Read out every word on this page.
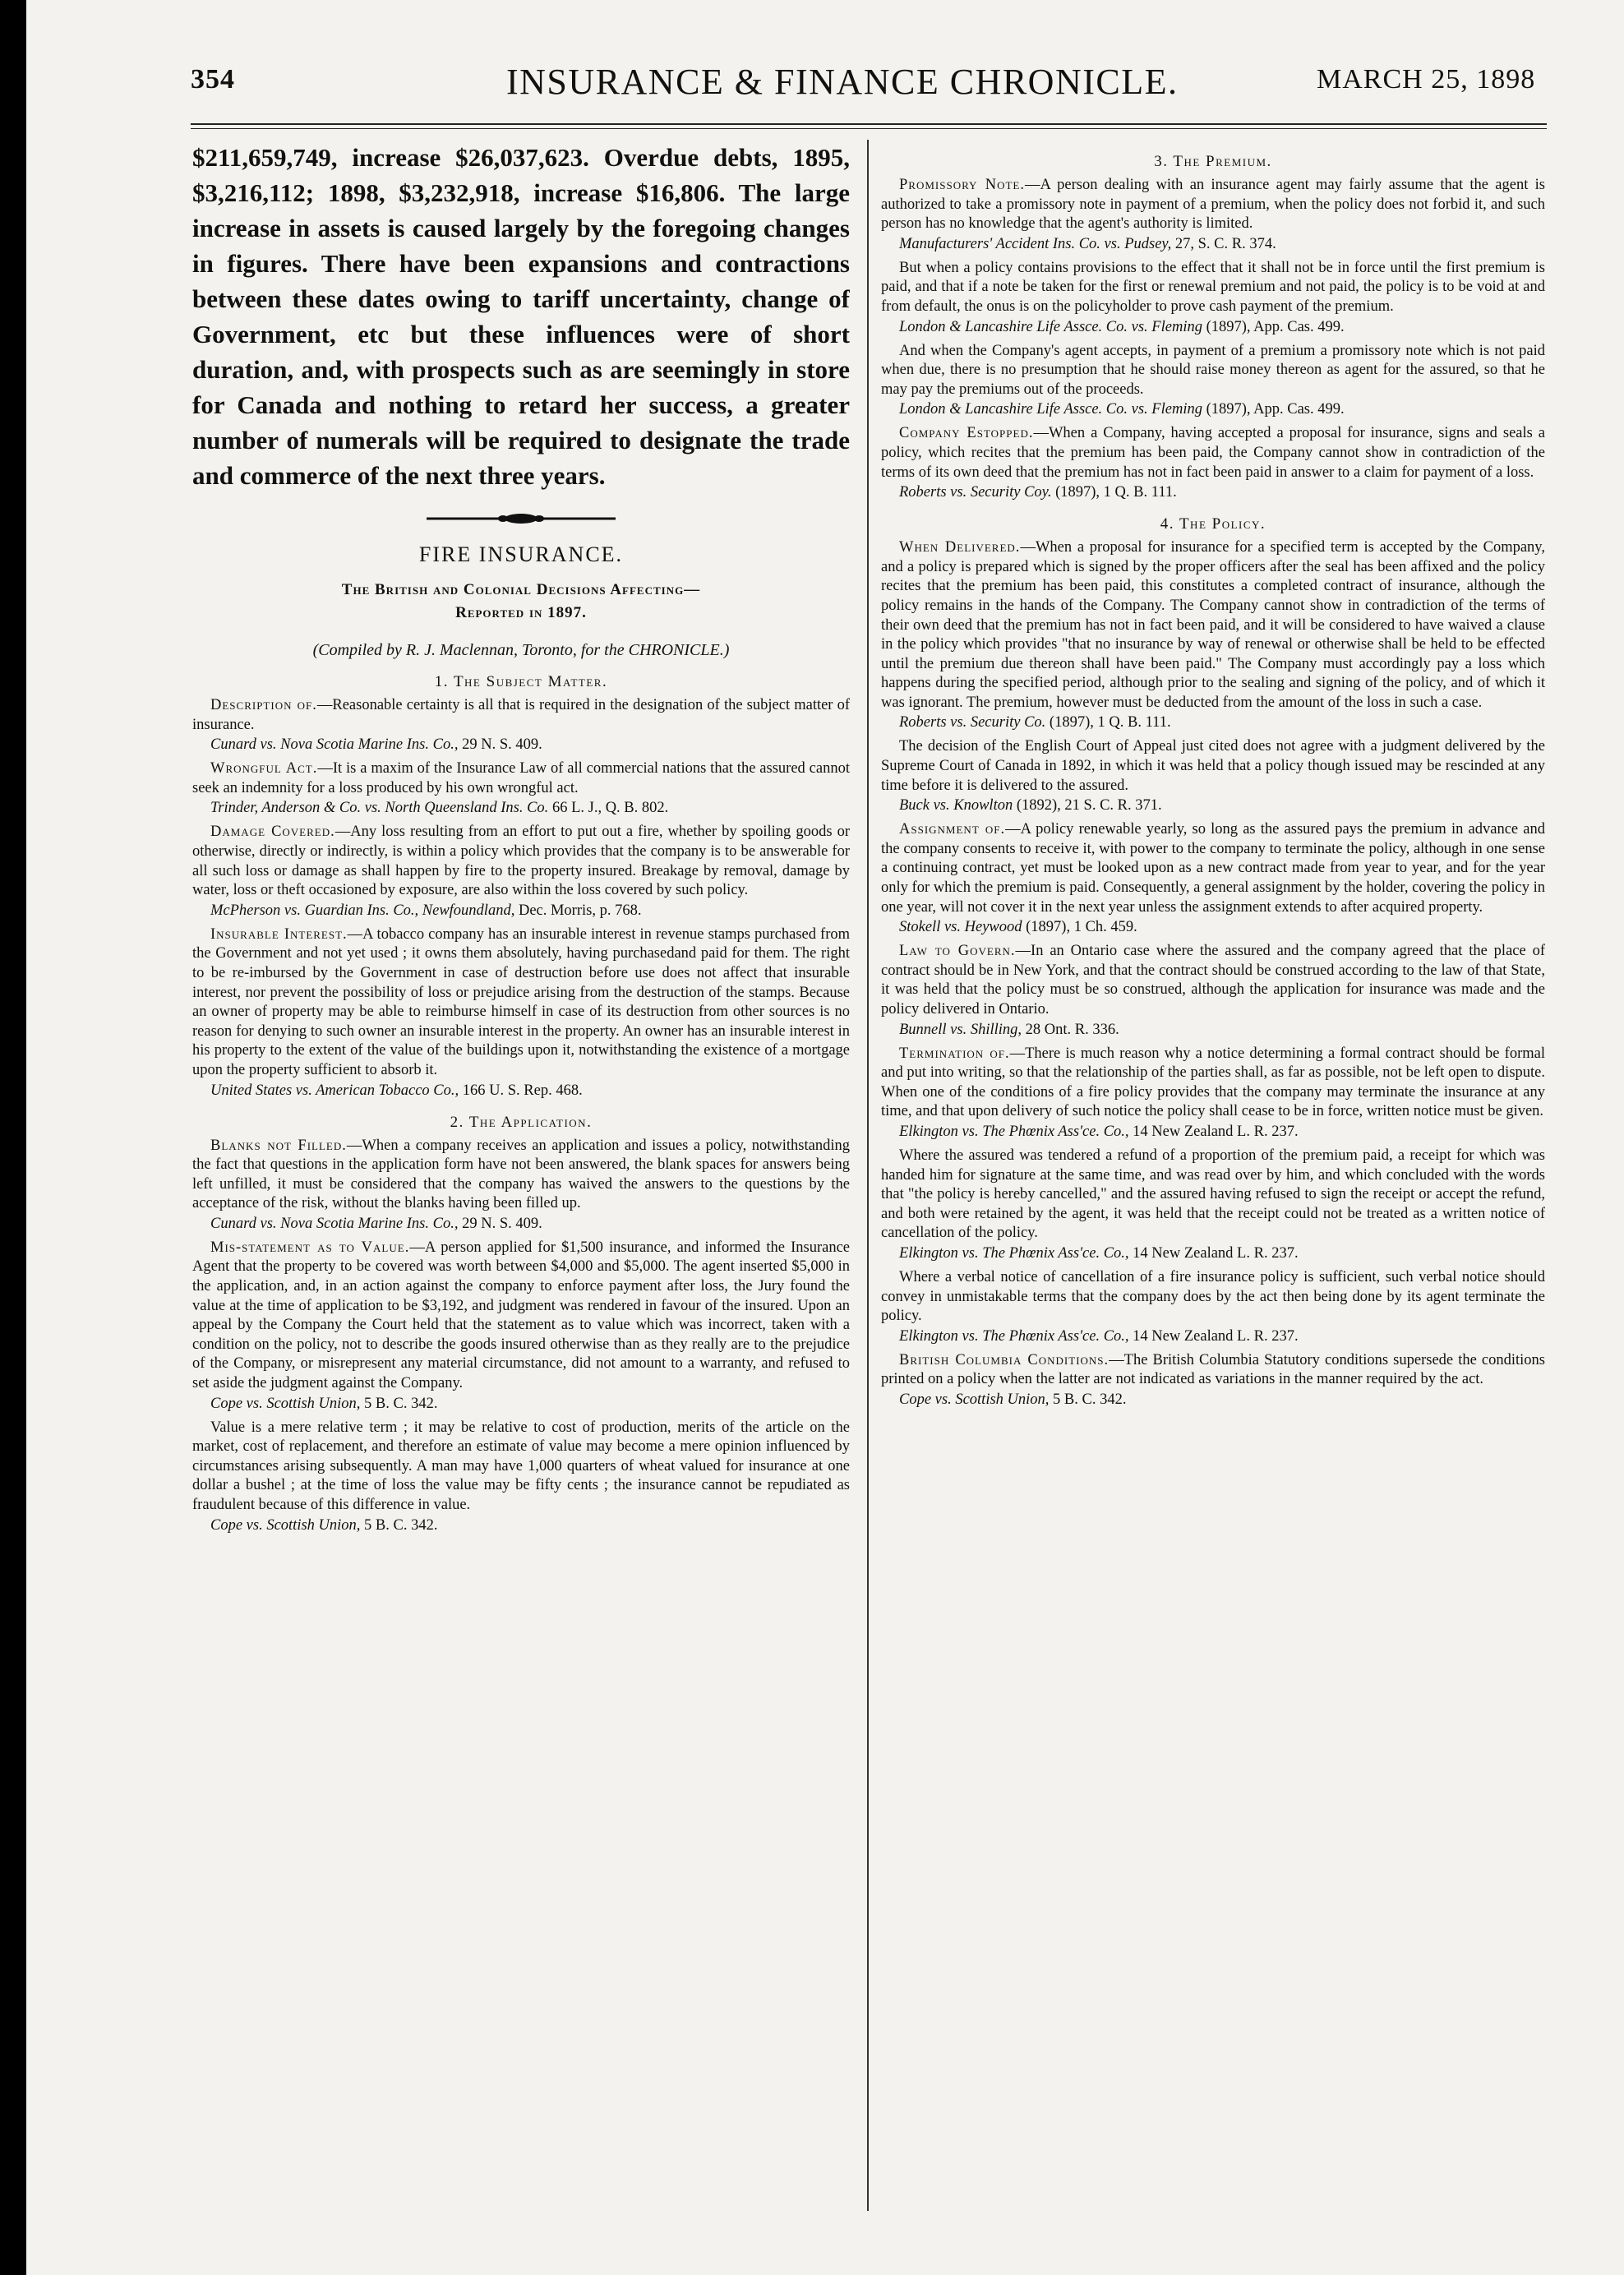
354	INSURANCE & FINANCE CHRONICLE.	MARCH 25, 1898

$211,659,749, increase $26,037,623. Overdue debts, 1895, $3,216,112; 1898, $3,232,918, increase $16,806. The large increase in assets is caused largely by the foregoing changes in figures. There have been expansions and contractions between these dates owing to tariff uncertainty, change of Government, etc but these influences were of short duration, and, with prospects such as are seemingly in store for Canada and nothing to retard her success, a greater number of numerals will be required to designate the trade and commerce of the next three years.

FIRE INSURANCE.
The British and Colonial Decisions Affecting—
Reported in 1897.
(Compiled by R. J. Maclennan, Toronto, for the CHRONICLE.)
1. The Subject Matter.

Description of.—Reasonable certainty is all that is required in the designation of the subject matter of insurance.

Cunard vs. Nova Scotia Marine Ins. Co., 29 N. S. 409.

Wrongful Act.—It is a maxim of the Insurance Law of all commercial nations that the assured cannot seek an indemnity for a loss produced by his own wrongful act.

Trinder, Anderson & Co. vs. North Queensland Ins. Co. 66 L. J., Q. B. 802.

Damage Covered.—Any loss resulting from an effort to put out a fire, whether by spoiling goods or otherwise, directly or indirectly, is within a policy which provides that the company is to be answerable for all such loss or damage as shall happen by fire to the property insured. Breakage by removal, damage by water, loss or theft occasioned by exposure, are also within the loss covered by such policy.

McPherson vs. Guardian Ins. Co., Newfoundland, Dec. Morris, p. 768.

Insurable Interest.—A tobacco company has an insurable interest in revenue stamps purchased from the Government and not yet used ; it owns them absolutely, having purchasedand paid for them. The right to be re-imbursed by the Government in case of destruction before use does not affect that insurable interest, nor prevent the possibility of loss or prejudice arising from the destruction of the stamps. Because an owner of property may be able to reimburse himself in case of its destruction from other sources is no reason for denying to such owner an insurable interest in the property. An owner has an insurable interest in his property to the extent of the value of the buildings upon it, notwithstanding the existence of a mortgage upon the property sufficient to absorb it.

United States vs. American Tobacco Co., 166 U. S. Rep. 468.

2. The Application.

Blanks not Filled.—When a company receives an application and issues a policy, notwithstanding the fact that questions in the application form have not been answered, the blank spaces for answers being left unfilled, it must be considered that the company has waived the answers to the questions by the acceptance of the risk, without the blanks having been filled up.

Cunard vs. Nova Scotia Marine Ins. Co., 29 N. S. 409.

Mis-statement as to Value.—A person applied for $1,500 insurance, and informed the Insurance Agent that the property to be covered was worth between $4,000 and $5,000. The agent inserted $5,000 in the application, and, in an action against the company to enforce payment after loss, the Jury found the value at the time of application to be $3,192, and judgment was rendered in favour of the insured. Upon an appeal by the Company the Court held that the statement as to value which was incorrect, taken with a condition on the policy, not to describe the goods insured otherwise than as they really are to the prejudice of the Company, or misrepresent any material circumstance, did not amount to a warranty, and refused to set aside the judgment against the Company.

Cope vs. Scottish Union, 5 B. C. 342.

Value is a mere relative term ; it may be relative to cost of production, merits of the article on the market, cost of replacement, and therefore an estimate of value may become a mere opinion influenced by circumstances arising subsequently. A man may have 1,000 quarters of wheat valued for insurance at one dollar a bushel ; at the time of loss the value may be fifty cents ; the insurance cannot be repudiated as fraudulent because of this difference in value.

Cope vs. Scottish Union, 5 B. C. 342.

3. The Premium.

Promissory Note.—A person dealing with an insurance agent may fairly assume that the agent is authorized to take a promissory note in payment of a premium, when the policy does not forbid it, and such person has no knowledge that the agent's authority is limited.

Manufacturers' Accident Ins. Co. vs. Pudsey, 27, S. C. R. 374.

But when a policy contains provisions to the effect that it shall not be in force until the first premium is paid, and that if a note be taken for the first or renewal premium and not paid, the policy is to be void at and from default, the onus is on the policyholder to prove cash payment of the premium.

London & Lancashire Life Assce. Co. vs. Fleming (1897), App. Cas. 499.

And when the Company's agent accepts, in payment of a premium a promissory note which is not paid when due, there is no presumption that he should raise money thereon as agent for the assured, so that he may pay the premiums out of the proceeds.

London & Lancashire Life Assce. Co. vs. Fleming (1897), App. Cas. 499.

Company Estopped.—When a Company, having accepted a proposal for insurance, signs and seals a policy, which recites that the premium has been paid, the Company cannot show in contradiction of the terms of its own deed that the premium has not in fact been paid in answer to a claim for payment of a loss.

Roberts vs. Security Coy. (1897), 1 Q. B. 111.

4. The Policy.

When Delivered.—When a proposal for insurance for a specified term is accepted by the Company, and a policy is prepared which is signed by the proper officers after the seal has been affixed and the policy recites that the premium has been paid, this constitutes a completed contract of insurance, although the policy remains in the hands of the Company. The Company cannot show in contradiction of the terms of their own deed that the premium has not in fact been paid, and it will be considered to have waived a clause in the policy which provides "that no insurance by way of renewal or otherwise shall be held to be effected until the premium due thereon shall have been paid." The Company must accordingly pay a loss which happens during the specified period, although prior to the sealing and signing of the policy, and of which it was ignorant. The premium, however must be deducted from the amount of the loss in such a case.

Roberts vs. Security Co. (1897), 1 Q. B. 111.

The decision of the English Court of Appeal just cited does not agree with a judgment delivered by the Supreme Court of Canada in 1892, in which it was held that a policy though issued may be rescinded at any time before it is delivered to the assured.

Buck vs. Knowlton (1892), 21 S. C. R. 371.

Assignment of.—A policy renewable yearly, so long as the assured pays the premium in advance and the company consents to receive it, with power to the company to terminate the policy, although in one sense a continuing contract, yet must be looked upon as a new contract made from year to year, and for the year only for which the premium is paid. Consequently, a general assignment by the holder, covering the policy in one year, will not cover it in the next year unless the assignment extends to after acquired property.

Stokell vs. Heywood (1897), 1 Ch. 459.

Law to Govern.—In an Ontario case where the assured and the company agreed that the place of contract should be in New York, and that the contract should be construed according to the law of that State, it was held that the policy must be so construed, although the application for insurance was made and the policy delivered in Ontario.

Bunnell vs. Shilling, 28 Ont. R. 336.

Termination of.—There is much reason why a notice determining a formal contract should be formal and put into writing, so that the relationship of the parties shall, as far as possible, not be left open to dispute. When one of the conditions of a fire policy provides that the company may terminate the insurance at any time, and that upon delivery of such notice the policy shall cease to be in force, written notice must be given.

Elkington vs. The Phœnix Ass'ce. Co., 14 New Zealand L. R. 237.

Where the assured was tendered a refund of a proportion of the premium paid, a receipt for which was handed him for signature at the same time, and was read over by him, and which concluded with the words that "the policy is hereby cancelled," and the assured having refused to sign the receipt or accept the refund, and both were retained by the agent, it was held that the receipt could not be treated as a written notice of cancellation of the policy.

Elkington vs. The Phœnix Ass'ce. Co., 14 New Zealand L. R. 237.

Where a verbal notice of cancellation of a fire insurance policy is sufficient, such verbal notice should convey in unmistakable terms that the company does by the act then being done by its agent terminate the policy.

Elkington vs. The Phœnix Ass'ce. Co., 14 New Zealand L. R. 237.

British Columbia Conditions.—The British Columbia Statutory conditions supersede the conditions printed on a policy when the latter are not indicated as variations in the manner required by the act.

Cope vs. Scottish Union, 5 B. C. 342.
